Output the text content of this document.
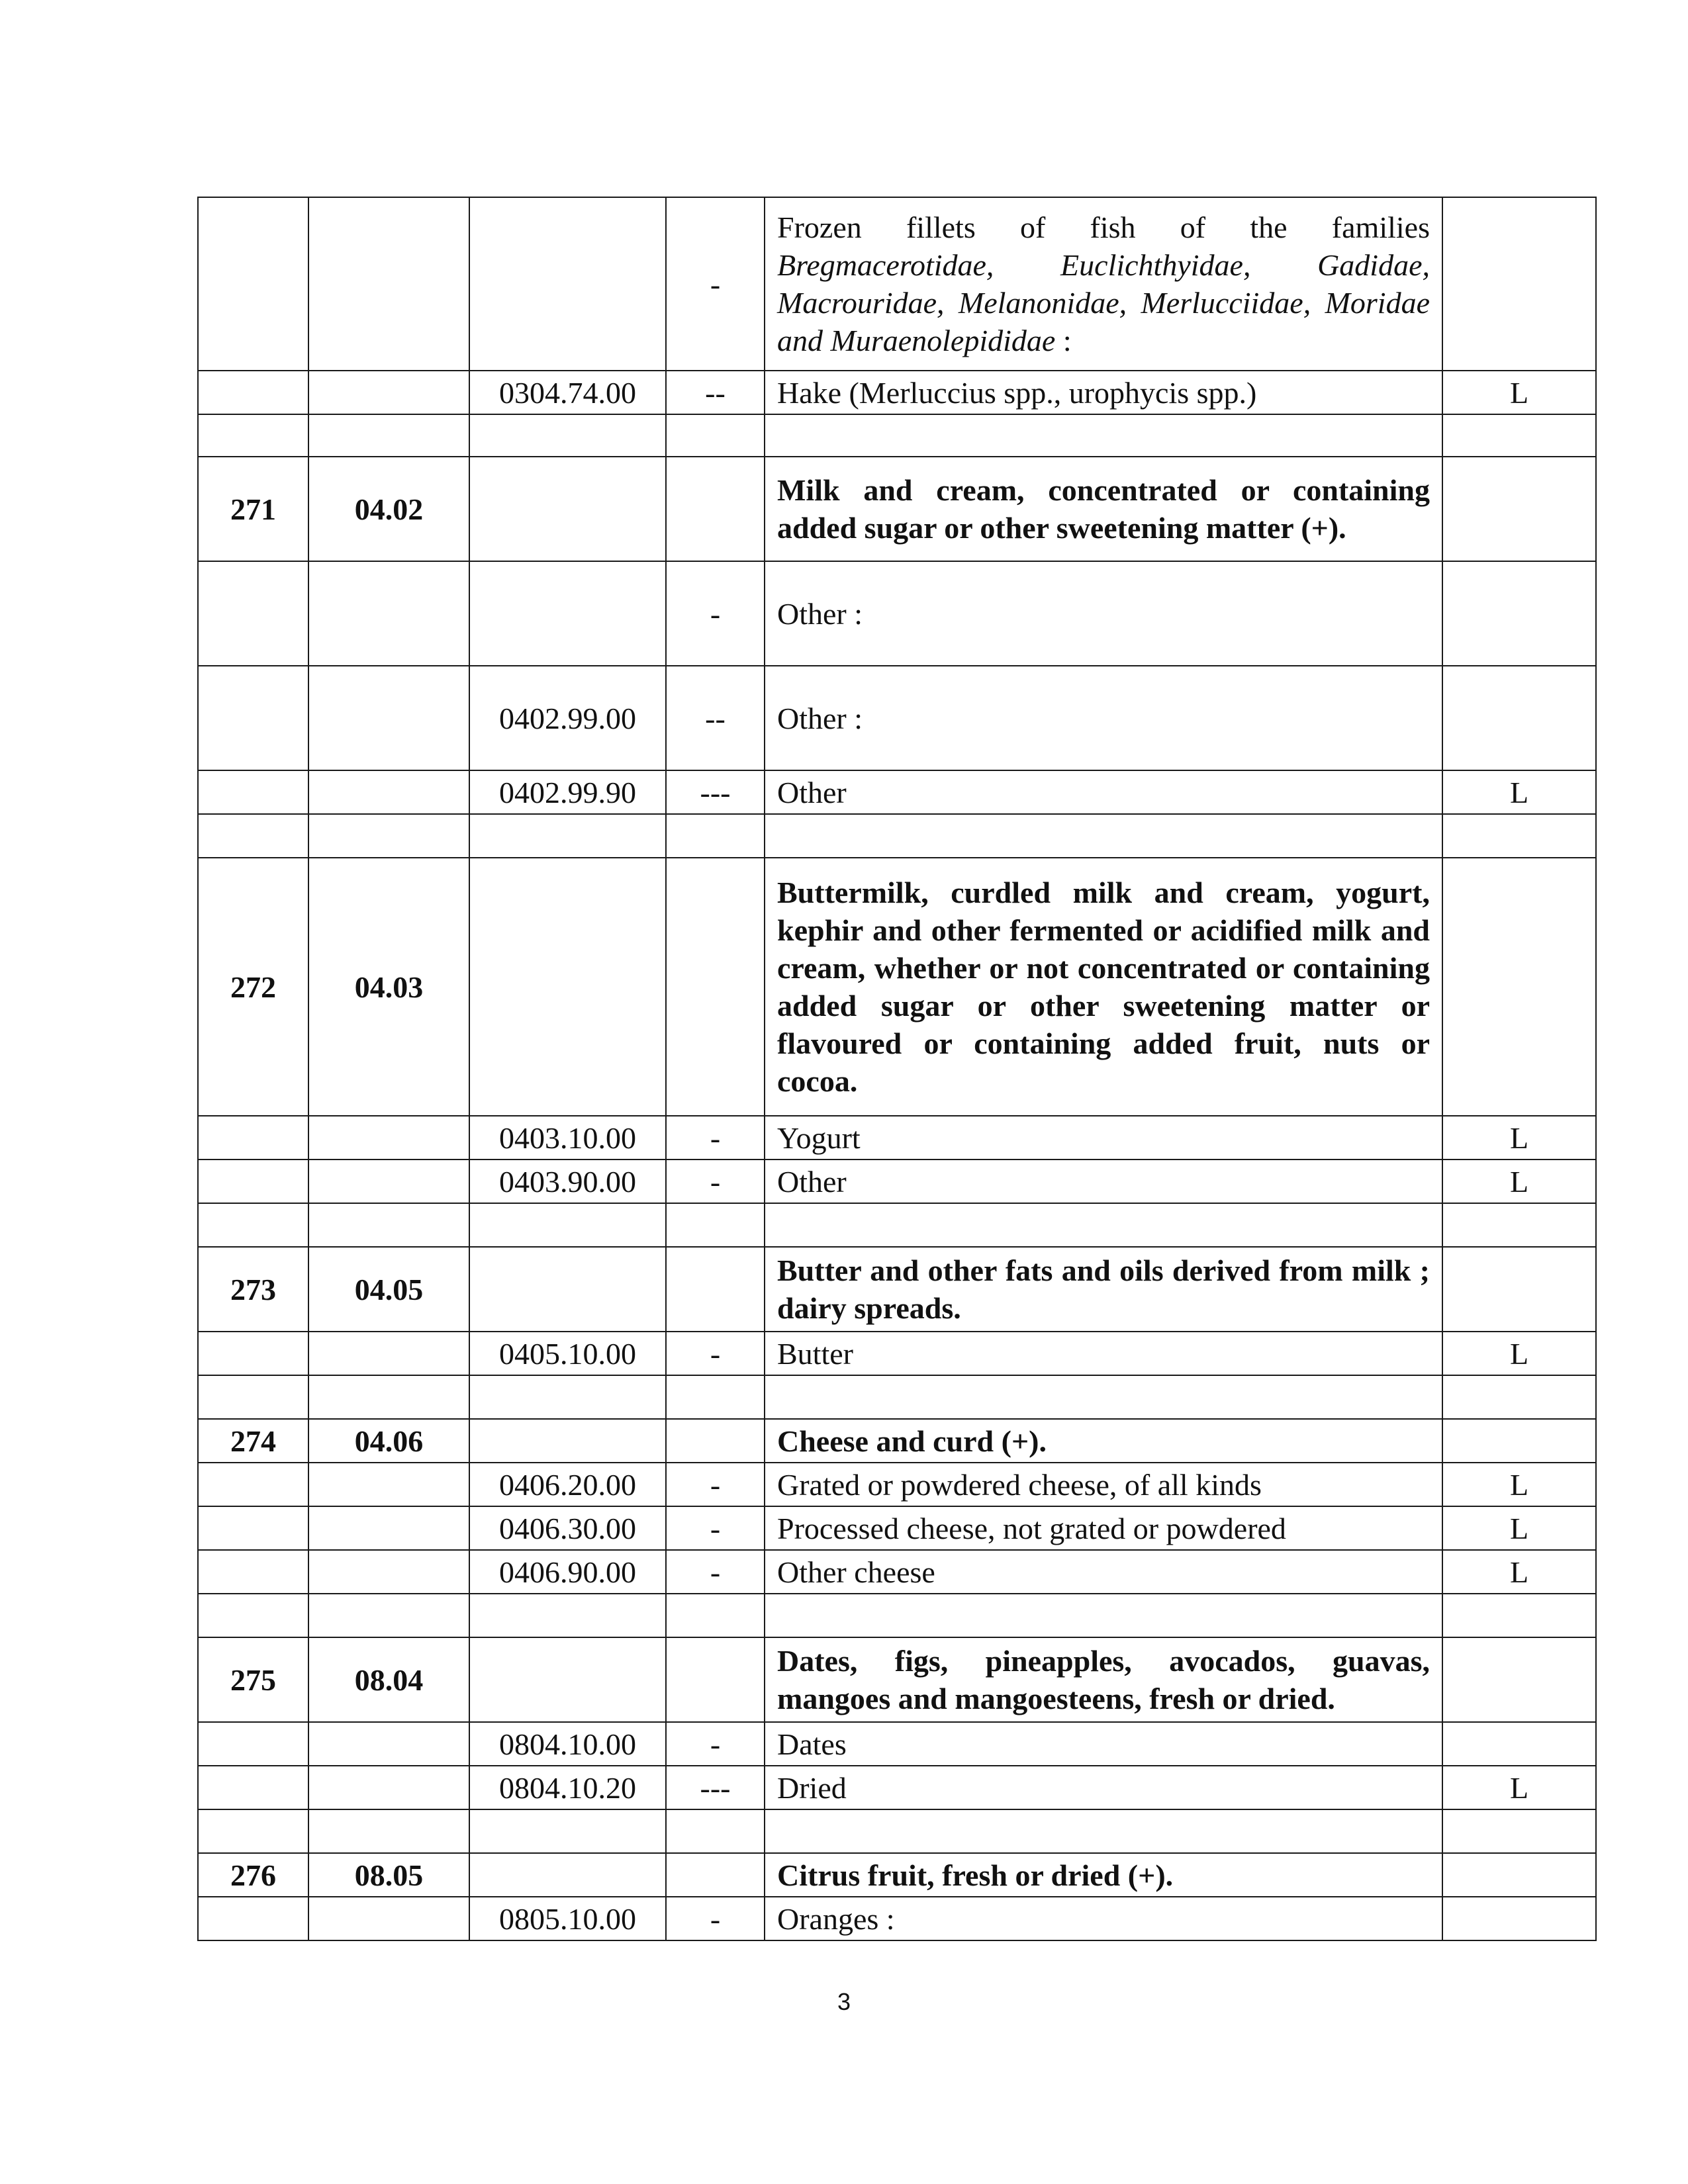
			-	Frozen fillets of fish of the families Bregmacerotidae, Euclichthyidae, Gadidae, Macrouridae, Melanonidae, Merlucciidae, Moridae and Muraenolepididae :	
		0304.74.00	--	Hake (Merluccius spp., urophycis spp.)	L

271	04.02			Milk and cream, concentrated or containing added sugar or other sweetening matter (+).	
			-	Other :	
		0402.99.00	--	Other :	
		0402.99.90	---	Other	L

272	04.03			Buttermilk, curdled milk and cream, yogurt, kephir and other fermented or acidified milk and cream, whether or not concentrated or containing added sugar or other sweetening matter or flavoured or containing added fruit, nuts or cocoa.	
		0403.10.00	-	Yogurt	L
		0403.90.00	-	Other	L

273	04.05			Butter and other fats and oils derived from milk ; dairy spreads.	
		0405.10.00	-	Butter	L

274	04.06			Cheese and curd (+).	
		0406.20.00	-	Grated or powdered cheese, of all kinds	L
		0406.30.00	-	Processed cheese, not grated or powdered	L
		0406.90.00	-	Other cheese	L

275	08.04			Dates, figs, pineapples, avocados, guavas, mangoes and mangoesteens, fresh or dried.	
		0804.10.00	-	Dates	
		0804.10.20	---	Dried	L

276	08.05			Citrus fruit, fresh or dried (+).	
		0805.10.00	-	Oranges :	
3
